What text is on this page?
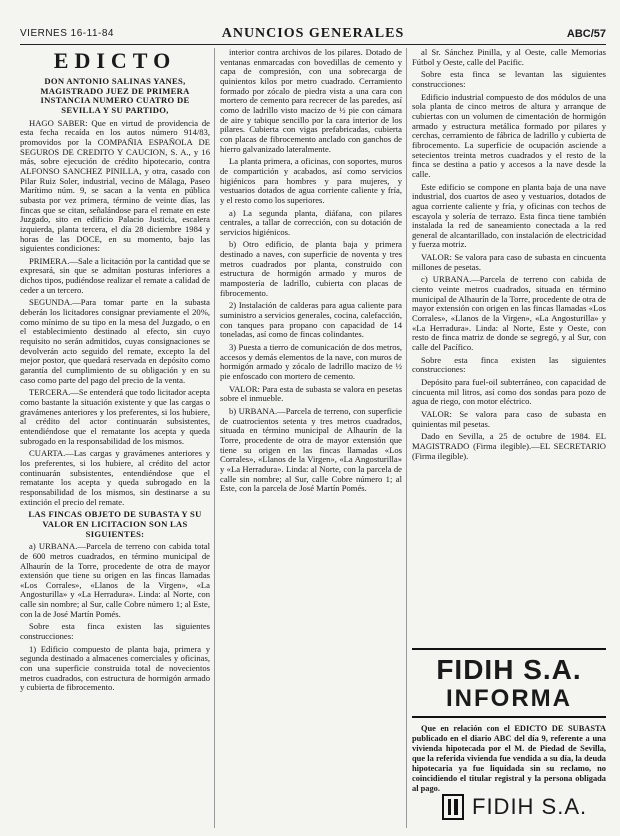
VIERNES 16-11-84	ANUNCIOS GENERALES	ABC/57

EDICTO

DON ANTONIO SALINAS YANES, MAGISTRADO JUEZ DE PRIMERA INSTANCIA NUMERO CUATRO DE SEVILLA Y SU PARTIDO,

HAGO SABER: Que en virtud de providencia de esta fecha recaída en los autos número 914/83, promovidos por la COMPAÑIA ESPAÑOLA DE SEGUROS DE CREDITO Y CAUCION, S. A., y 16 más, sobre ejecución de crédito hipotecario, contra ALFONSO SANCHEZ PINILLA, y otra, casado con Pilar Ruiz Soler, industrial, vecino de Málaga, Paseo Marítimo núm. 9, se sacan a la venta en pública subasta por vez primera, término de veinte días, las fincas que se citan, señalándose para el remate en este Juzgado, sito en edificio Palacio Justicia, escalera izquierda, planta tercera, el día 28 diciembre 1984 y horas de las DOCE, en su momento, bajo las siguientes condiciones:

PRIMERA.—Sale a licitación por la cantidad que se expresará, sin que se admitan posturas inferiores a dichos tipos, pudiéndose realizar el remate a calidad de ceder a un tercero.

SEGUNDA.—Para tomar parte en la subasta deberán los licitadores consignar previamente el 20%, como mínimo de su tipo en la mesa del Juzgado, o en el establecimiento destinado al efecto, sin cuyo requisito no serán admitidos, cuyas consignaciones se devolverán acto seguido del remate, excepto la del mejor postor, que quedará reservada en depósito como garantía del cumplimiento de su obligación y en su caso como parte del pago del precio de la venta.

TERCERA.—Se entenderá que todo licitador acepta como bastante la situación existente y que las cargas o gravámenes anteriores y los preferentes, si los hubiere, al crédito del actor continuarán subsistentes, entendiéndose que el rematante los acepta y queda subrogado en la responsabilidad de los mismos.

CUARTA.—Las cargas y gravámenes anteriores y los preferentes, si los hubiere, al crédito del actor continuarán subsistentes, entendiéndose que el rematante los acepta y queda subrogado en la responsabilidad de los mismos, sin destinarse a su extinción el precio del remate.

LAS FINCAS OBJETO DE SUBASTA Y SU VALOR EN LICITACION SON LAS SIGUIENTES:

a) URBANA.—Parcela de terreno con cabida total de 600 metros cuadrados, en término municipal de Alhaurín de la Torre, procedente de otra de mayor extensión que tiene su origen en las fincas llamadas «Los Corrales», «Llanos de la Virgen», «La Angosturilla» y «La Herradura». Linda: al Norte, con calle sin nombre; al Sur, calle Cobre número 1; al Este, con la de José Martín Pomés.

Sobre esta finca existen las siguientes construcciones:

1) Edificio compuesto de planta baja, primera y segunda destinado a almacenes comerciales y oficinas, con una superficie construida total de novecientos metros cuadrados, con estructura de hormigón armado y cubierta de fibrocemento.

interior contra archivos de los pilares. Dotado de ventanas enmarcadas con bovedillas de cemento y capa de compresión, con una sobrecarga de quinientos kilos por metro cuadrado. Cerramiento formado por zócalo de piedra vista a una cara con mortero de cemento para recrecer de las paredes, así como de ladrillo visto macizo de ½ pie con cámara de aire y tabique sencillo por la cara interior de los pilares. Cubierta con vigas prefabricadas, cubierta con placas de fibrocemento anclado con ganchos de hierro galvanizado lateralmente.

La planta primera, a oficinas, con soportes, muros de compartición y acabados, así como servicios higiénicos para hombres y para mujeres, y vestuarios dotados de agua corriente caliente y fría, y el resto como los superiores.

a) La segunda planta, diáfana, con pilares centrales, a tallar de corrección, con su dotación de servicios higiénicos.

b) Otro edificio, de planta baja y primera destinado a naves, con superficie de noventa y tres metros cuadrados por planta, construido con estructura de hormigón armado y muros de mampostería de ladrillo, cubierta con placas de fibrocemento.

2) Instalación de calderas para agua caliente para suministro a servicios generales, cocina, calefacción, con tanques para propano con capacidad de 14 toneladas, así como de fincas colindantes.

3) Puesta a tierro de comunicación de dos metros, accesos y demás elementos de la nave, con muros de hormigón armado y zócalo de ladrillo macizo de ½ pie enfoscado con mortero de cemento.

VALOR: Para esta de subasta se valora en pesetas sobre el inmueble.

b) URBANA.—Parcela de terreno, con superficie de cuatrocientos setenta y tres metros cuadrados, situada en término municipal de Alhaurín de la Torre, procedente de otra de mayor extensión que tiene su origen en las fincas llamadas «Los Corrales», «Llanos de la Virgen», «La Angosturilla» y «La Herradura». Linda: al Norte, con la parcela de calle sin nombre; al Sur, calle Cobre número 1; al Este, con la parcela de José Martín Pomés.

al Sr. Sánchez Pinilla, y al Oeste, calle Memorias Fútbol y Oeste, calle del Pacific.

Sobre esta finca se levantan las siguientes construcciones:

Edificio industrial compuesto de dos módulos de una sola planta de cinco metros de altura y arranque de cubiertas con un volumen de cimentación de hormigón armado y estructura metálica formado por pilares y cerchas, cerramiento de fábrica de ladrillo y cubierta de fibrocemento. La superficie de ocupación asciende a setecientos treinta metros cuadrados y el resto de la finca se destina a patio y accesos a la nave desde la calle.

Este edificio se compone en planta baja de una nave industrial, dos cuartos de aseo y vestuarios, dotados de agua corriente caliente y fría, y oficinas con techos de escayola y solería de terrazo. Esta finca tiene también instalada la red de saneamiento conectada a la red general de alcantarillado, con instalación de electricidad y fuerza motriz.

VALOR: Se valora para caso de subasta en cincuenta millones de pesetas.

c) URBANA.—Parcela de terreno con cabida de ciento veinte metros cuadrados, situada en término municipal de Alhaurín de la Torre, procedente de otra de mayor extensión con origen en las fincas llamadas «Los Corrales», «Llanos de la Virgen», «La Angosturilla» y «La Herradura». Linda: al Norte, Este y Oeste, con resto de finca matriz de donde se segregó, y al Sur, con calle del Pacífico.

Sobre esta finca existen las siguientes construcciones:

Depósito para fuel-oil subterráneo, con capacidad de cincuenta mil litros, así como dos sondas para pozo de agua de riego, con motor eléctrico.

VALOR: Se valora para caso de subasta en quinientas mil pesetas.

Dado en Sevilla, a 25 de octubre de 1984. EL MAGISTRADO (Firma ilegible).—EL SECRETARIO (Firma ilegible).

FIDIH S.A.
INFORMA

Que en relación con el EDICTO DE SUBASTA publicado en el diario ABC del día 9, referente a una vivienda hipotecada por el M. de Piedad de Sevilla, que la referida vivienda fue vendida a su día, la deuda hipotecaria ya fue liquidada sin su reclamo, no coincidiendo el titular registral y la persona obligada al pago.

FIDIH S.A.
